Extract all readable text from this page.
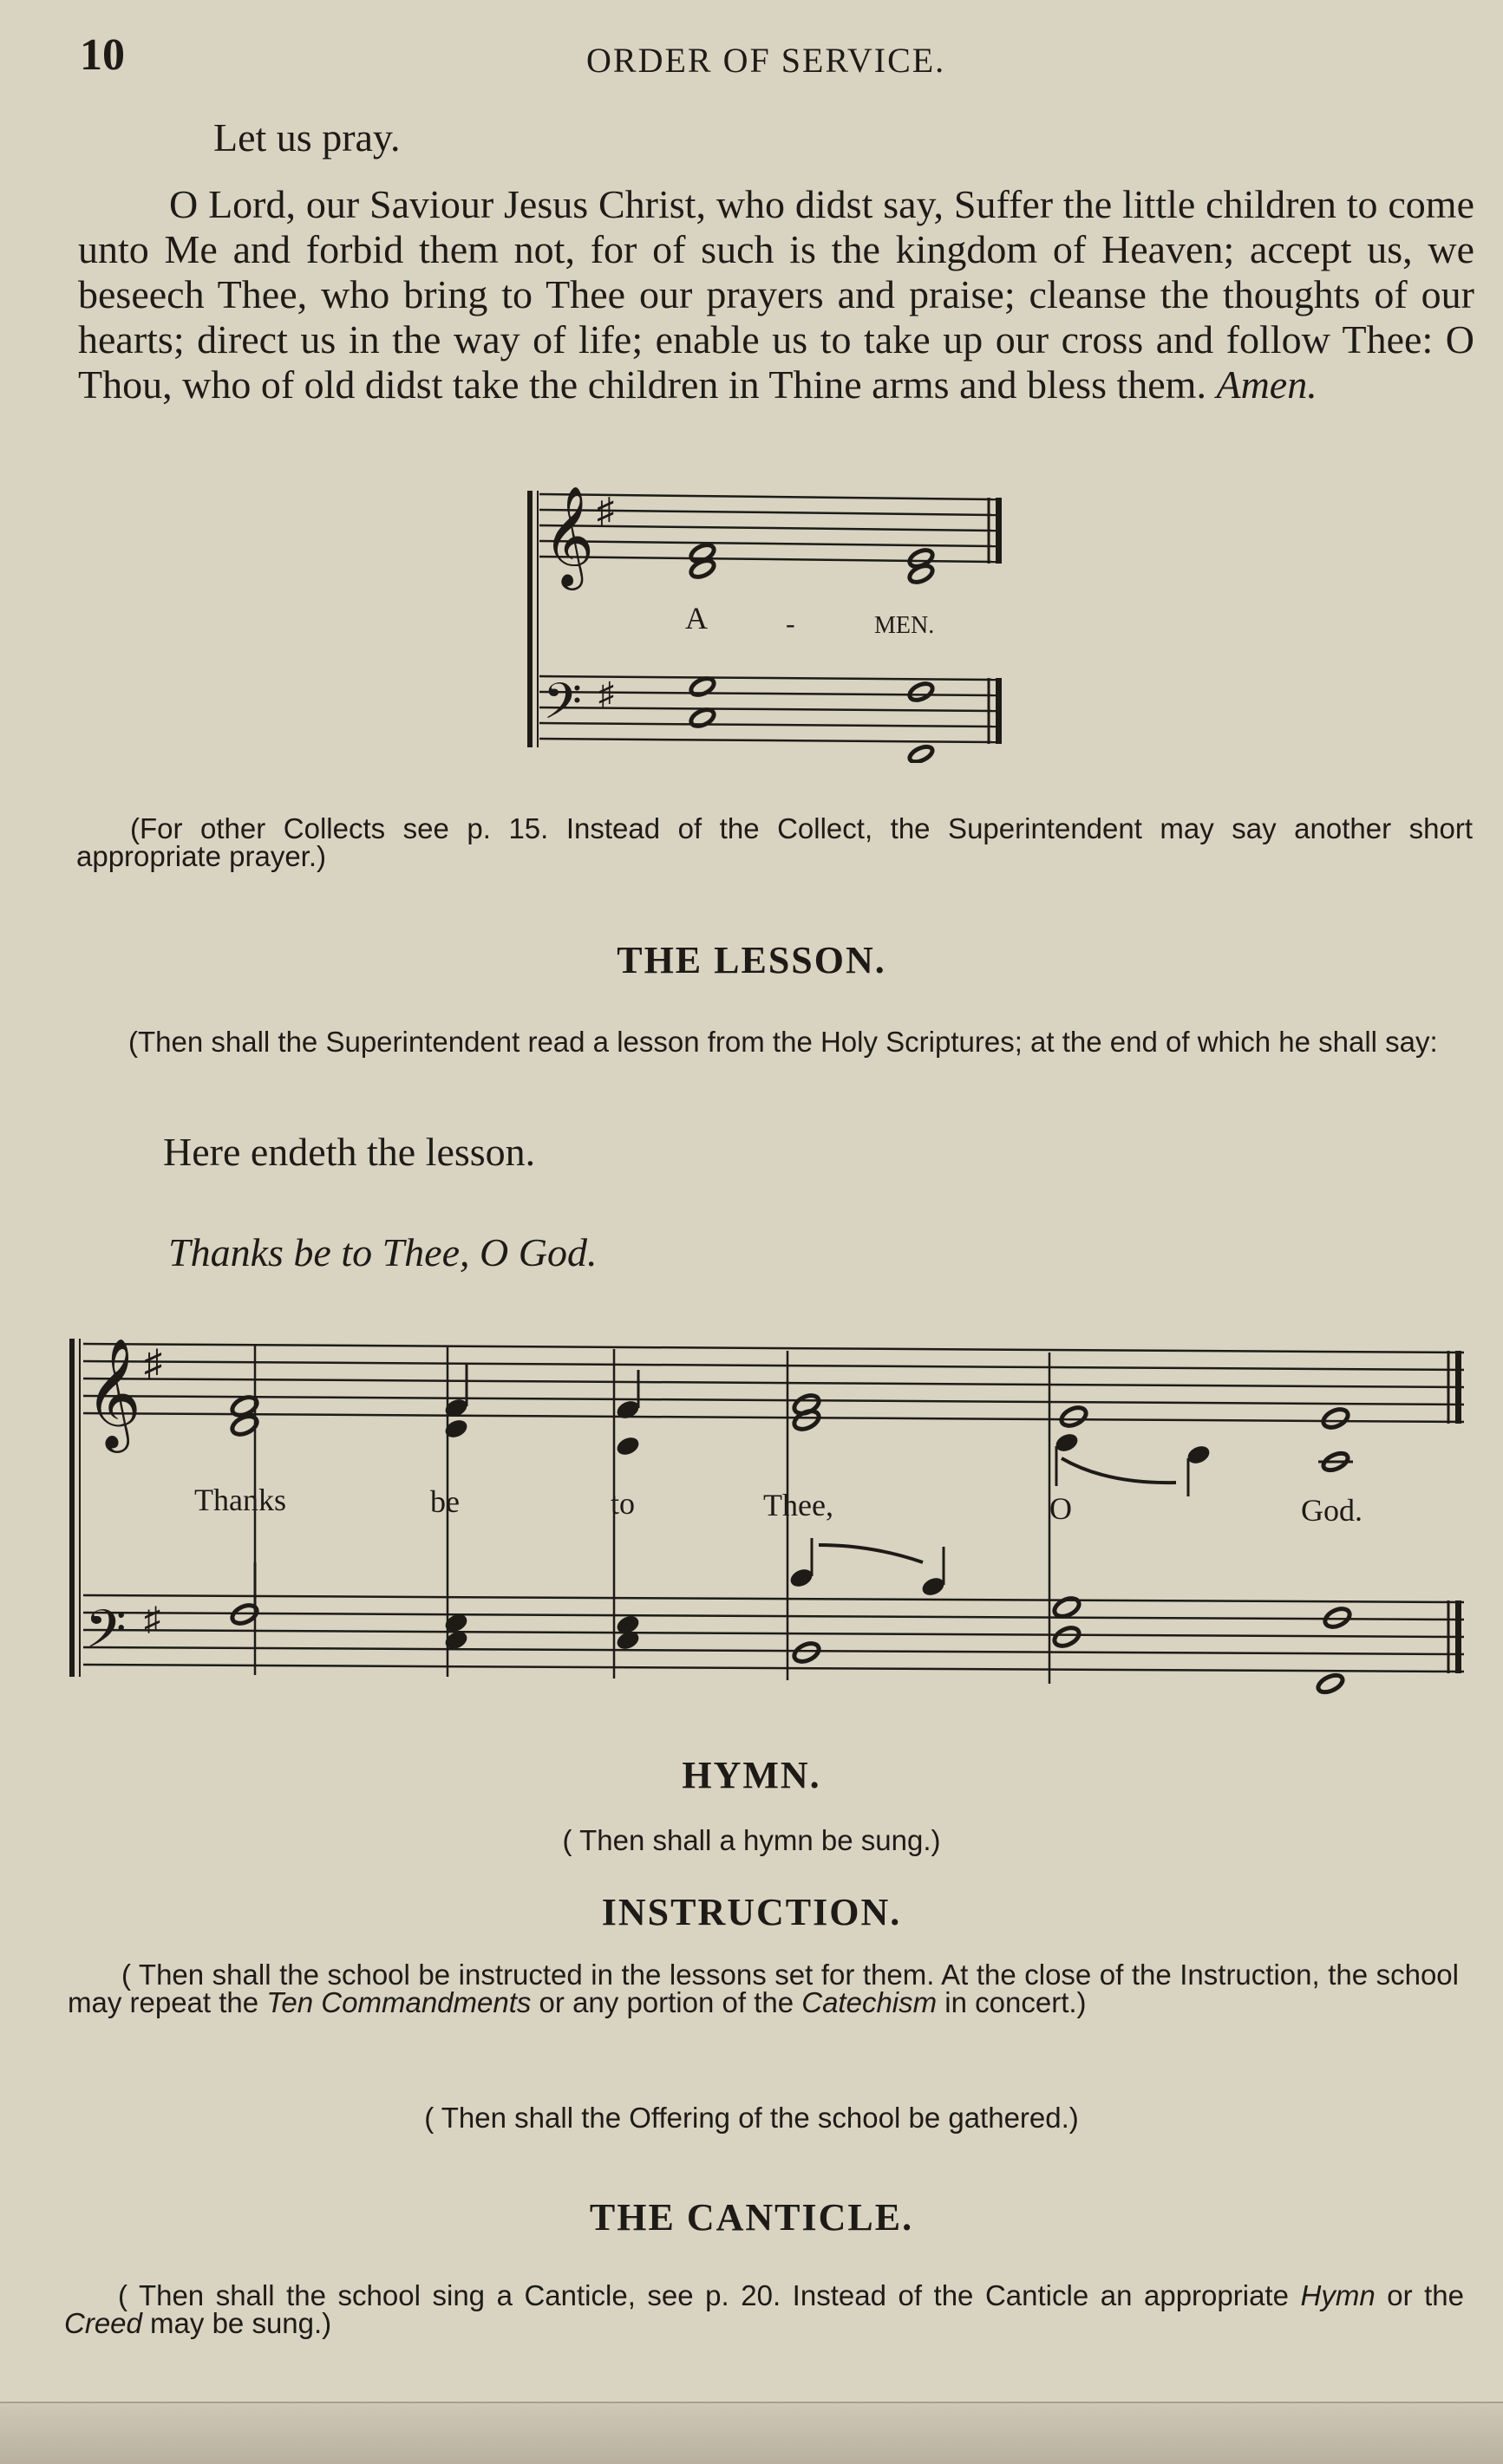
10	ORDER OF SERVICE.
Let us pray.
O Lord, our Saviour Jesus Christ, who didst say, Suffer the little children to come unto Me and forbid them not, for of such is the kingdom of Heaven; accept us, we beseech Thee, who bring to Thee our prayers and praise; cleanse the thoughts of our hearts; direct us in the way of life; enable us to take up our cross and follow Thee: O Thou, who of old didst take the children in Thine arms and bless them. Amen.
𝄞 ♯
𝄢 ♯
A	-	MEN.
(For other Collects see p. 15. Instead of the Collect, the Superintendent may say another short appropriate prayer.)
THE LESSON.
(Then shall the Superintendent read a lesson from the Holy Scriptures; at the end of which he shall say:
Here endeth the lesson.
Thanks be to Thee, O God.
𝄞 ♯
𝄢 ♯
Thanks	be	to	Thee,	O	God.
HYMN.
( Then shall a hymn be sung.)
INSTRUCTION.
( Then shall the school be instructed in the lessons set for them. At the close of the Instruction, the school may repeat the Ten Commandments or any portion of the Catechism in concert.)
( Then shall the Offering of the school be gathered.)
THE CANTICLE.
( Then shall the school sing a Canticle, see p. 20. Instead of the Canticle an appropriate Hymn or the Creed may be sung.)
